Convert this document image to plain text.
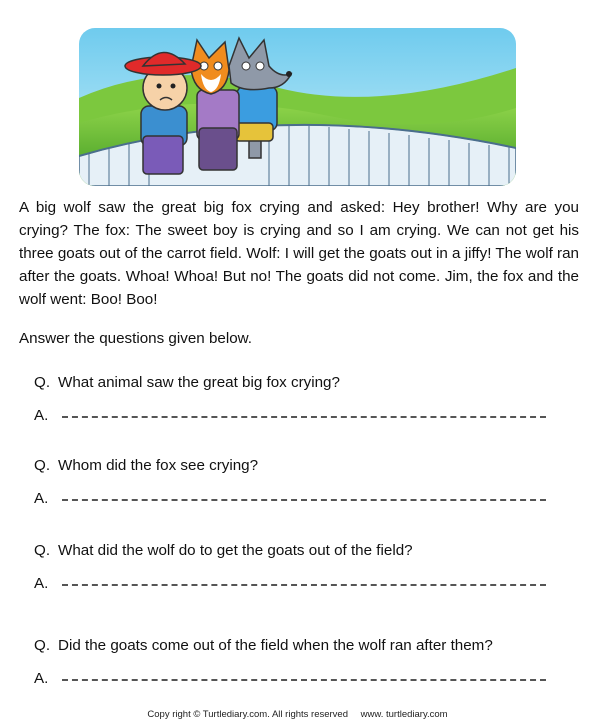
A big wolf saw the great big fox crying and asked: Hey brother! Why are you crying? The fox: The sweet boy is crying and so I am crying. We can not get his three goats out of the carrot field. Wolf: I will get the goats out in a jiffy! The wolf ran after the goats. Whoa! Whoa! But no! The goats did not come. Jim, the fox and the wolf went: Boo! Boo!

Answer the questions given below.

Q. What animal saw the great big fox crying?
A.
Q. Whom did the fox see crying?
A.
Q. What did the wolf do to get the goats out of the field?
A.
Q. Did the goats come out of the field when the wolf ran after them?
A.
Copy right © Turtlediary.com. All rights reserved www. turtlediary.com
